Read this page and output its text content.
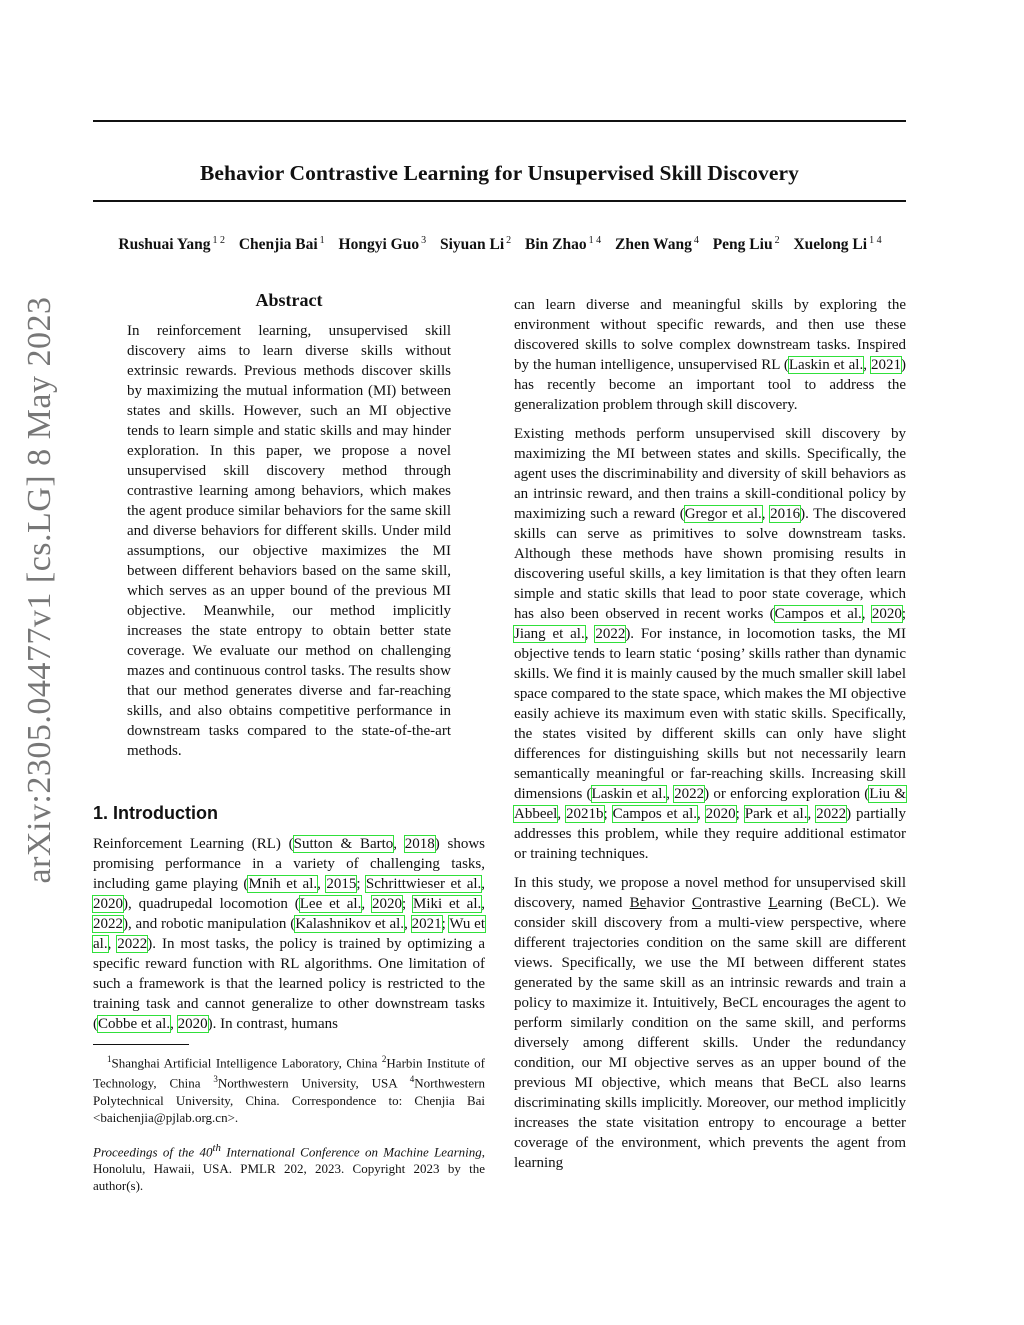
Behavior Contrastive Learning for Unsupervised Skill Discovery
Rushuai Yang $^{1 2}$ Chenjia Bai $^1$ Hongyi Guo $^3$ Siyuan Li $^2$ Bin Zhao $^{1 4}$ Zhen Wang $^4$ Peng Liu $^2$ Xuelong Li $^{1 4}$
arXiv:2305.04477v1 [cs.LG] 8 May 2023	Abstract

In reinforcement learning, unsupervised skill discovery aims to learn diverse skills without extrinsic rewards. Previous methods discover skills by maximizing the mutual information (MI) between states and skills. However, such an MI objective tends to learn simple and static skills and may hinder exploration. In this paper, we propose a novel unsupervised skill discovery method through contrastive learning among behaviors, which makes the agent produce similar behaviors for the same skill and diverse behaviors for different skills. Under mild assumptions, our objective maximizes the MI between different behaviors based on the same skill, which serves as an upper bound of the previous MI objective. Meanwhile, our method implicitly increases the state entropy to obtain better state coverage. We evaluate our method on challenging mazes and continuous control tasks. The results show that our method generates diverse and far-reaching skills, and also obtains competitive performance in downstream tasks compared to the state-of-the-art methods.

1. Introduction

Reinforcement Learning (RL) (Sutton & Barto, 2018) shows promising performance in a variety of challenging tasks, including game playing (Mnih et al., 2015; Schrittwieser et al., 2020), quadrupedal locomotion (Lee et al., 2020; Miki et al., 2022), and robotic manipulation (Kalashnikov et al., 2021; Wu et al., 2022). In most tasks, the policy is trained by optimizing a specific reward function with RL algorithms. One limitation of such a framework is that the learned policy is restricted to the training task and cannot generalize to other downstream tasks (Cobbe et al., 2020). In contrast, humans

$^1$Shanghai Artificial Intelligence Laboratory, China $^2$Harbin Institute of Technology, China $^3$Northwestern University, USA $^4$Northwestern Polytechnical University, China. Correspondence to: Chenjia Bai <baichenjia@pjlab.org.cn>.

Proceedings of the 40th International Conference on Machine Learning, Honolulu, Hawaii, USA. PMLR 202, 2023. Copyright 2023 by the author(s).

can learn diverse and meaningful skills by exploring the environment without specific rewards, and then use these discovered skills to solve complex downstream tasks. Inspired by the human intelligence, unsupervised RL (Laskin et al., 2021) has recently become an important tool to address the generalization problem through skill discovery.

Existing methods perform unsupervised skill discovery by maximizing the MI between states and skills. Specifically, the agent uses the discriminability and diversity of skill behaviors as an intrinsic reward, and then trains a skill-conditional policy by maximizing such a reward (Gregor et al., 2016). The discovered skills can serve as primitives to solve downstream tasks. Although these methods have shown promising results in discovering useful skills, a key limitation is that they often learn simple and static skills that lead to poor state coverage, which has also been observed in recent works (Campos et al., 2020; Jiang et al., 2022). For instance, in locomotion tasks, the MI objective tends to learn static ‘posing’ skills rather than dynamic skills. We find it is mainly caused by the much smaller skill label space compared to the state space, which makes the MI objective easily achieve its maximum even with static skills. Specifically, the states visited by different skills can only have slight differences for distinguishing skills but not necessarily learn semantically meaningful or far-reaching skills. Increasing skill dimensions (Laskin et al., 2022) or enforcing exploration (Liu & Abbeel, 2021b; Campos et al., 2020; Park et al., 2022) partially addresses this problem, while they require additional estimator or training techniques.

In this study, we propose a novel method for unsupervised skill discovery, named Behavior Contrastive Learning (BeCL). We consider skill discovery from a multi-view perspective, where different trajectories condition on the same skill are different views. Specifically, we use the MI between different states generated by the same skill as an intrinsic rewards and train a policy to maximize it. Intuitively, BeCL encourages the agent to perform similarly condition on the same skill, and performs diversely among different skills. Under the redundancy condition, our MI objective serves as an upper bound of the previous MI objective, which means that BeCL also learns discriminating skills implicitly. Moreover, our method implicitly increases the state visitation entropy to encourage a better coverage of the environment, which prevents the agent from learning
